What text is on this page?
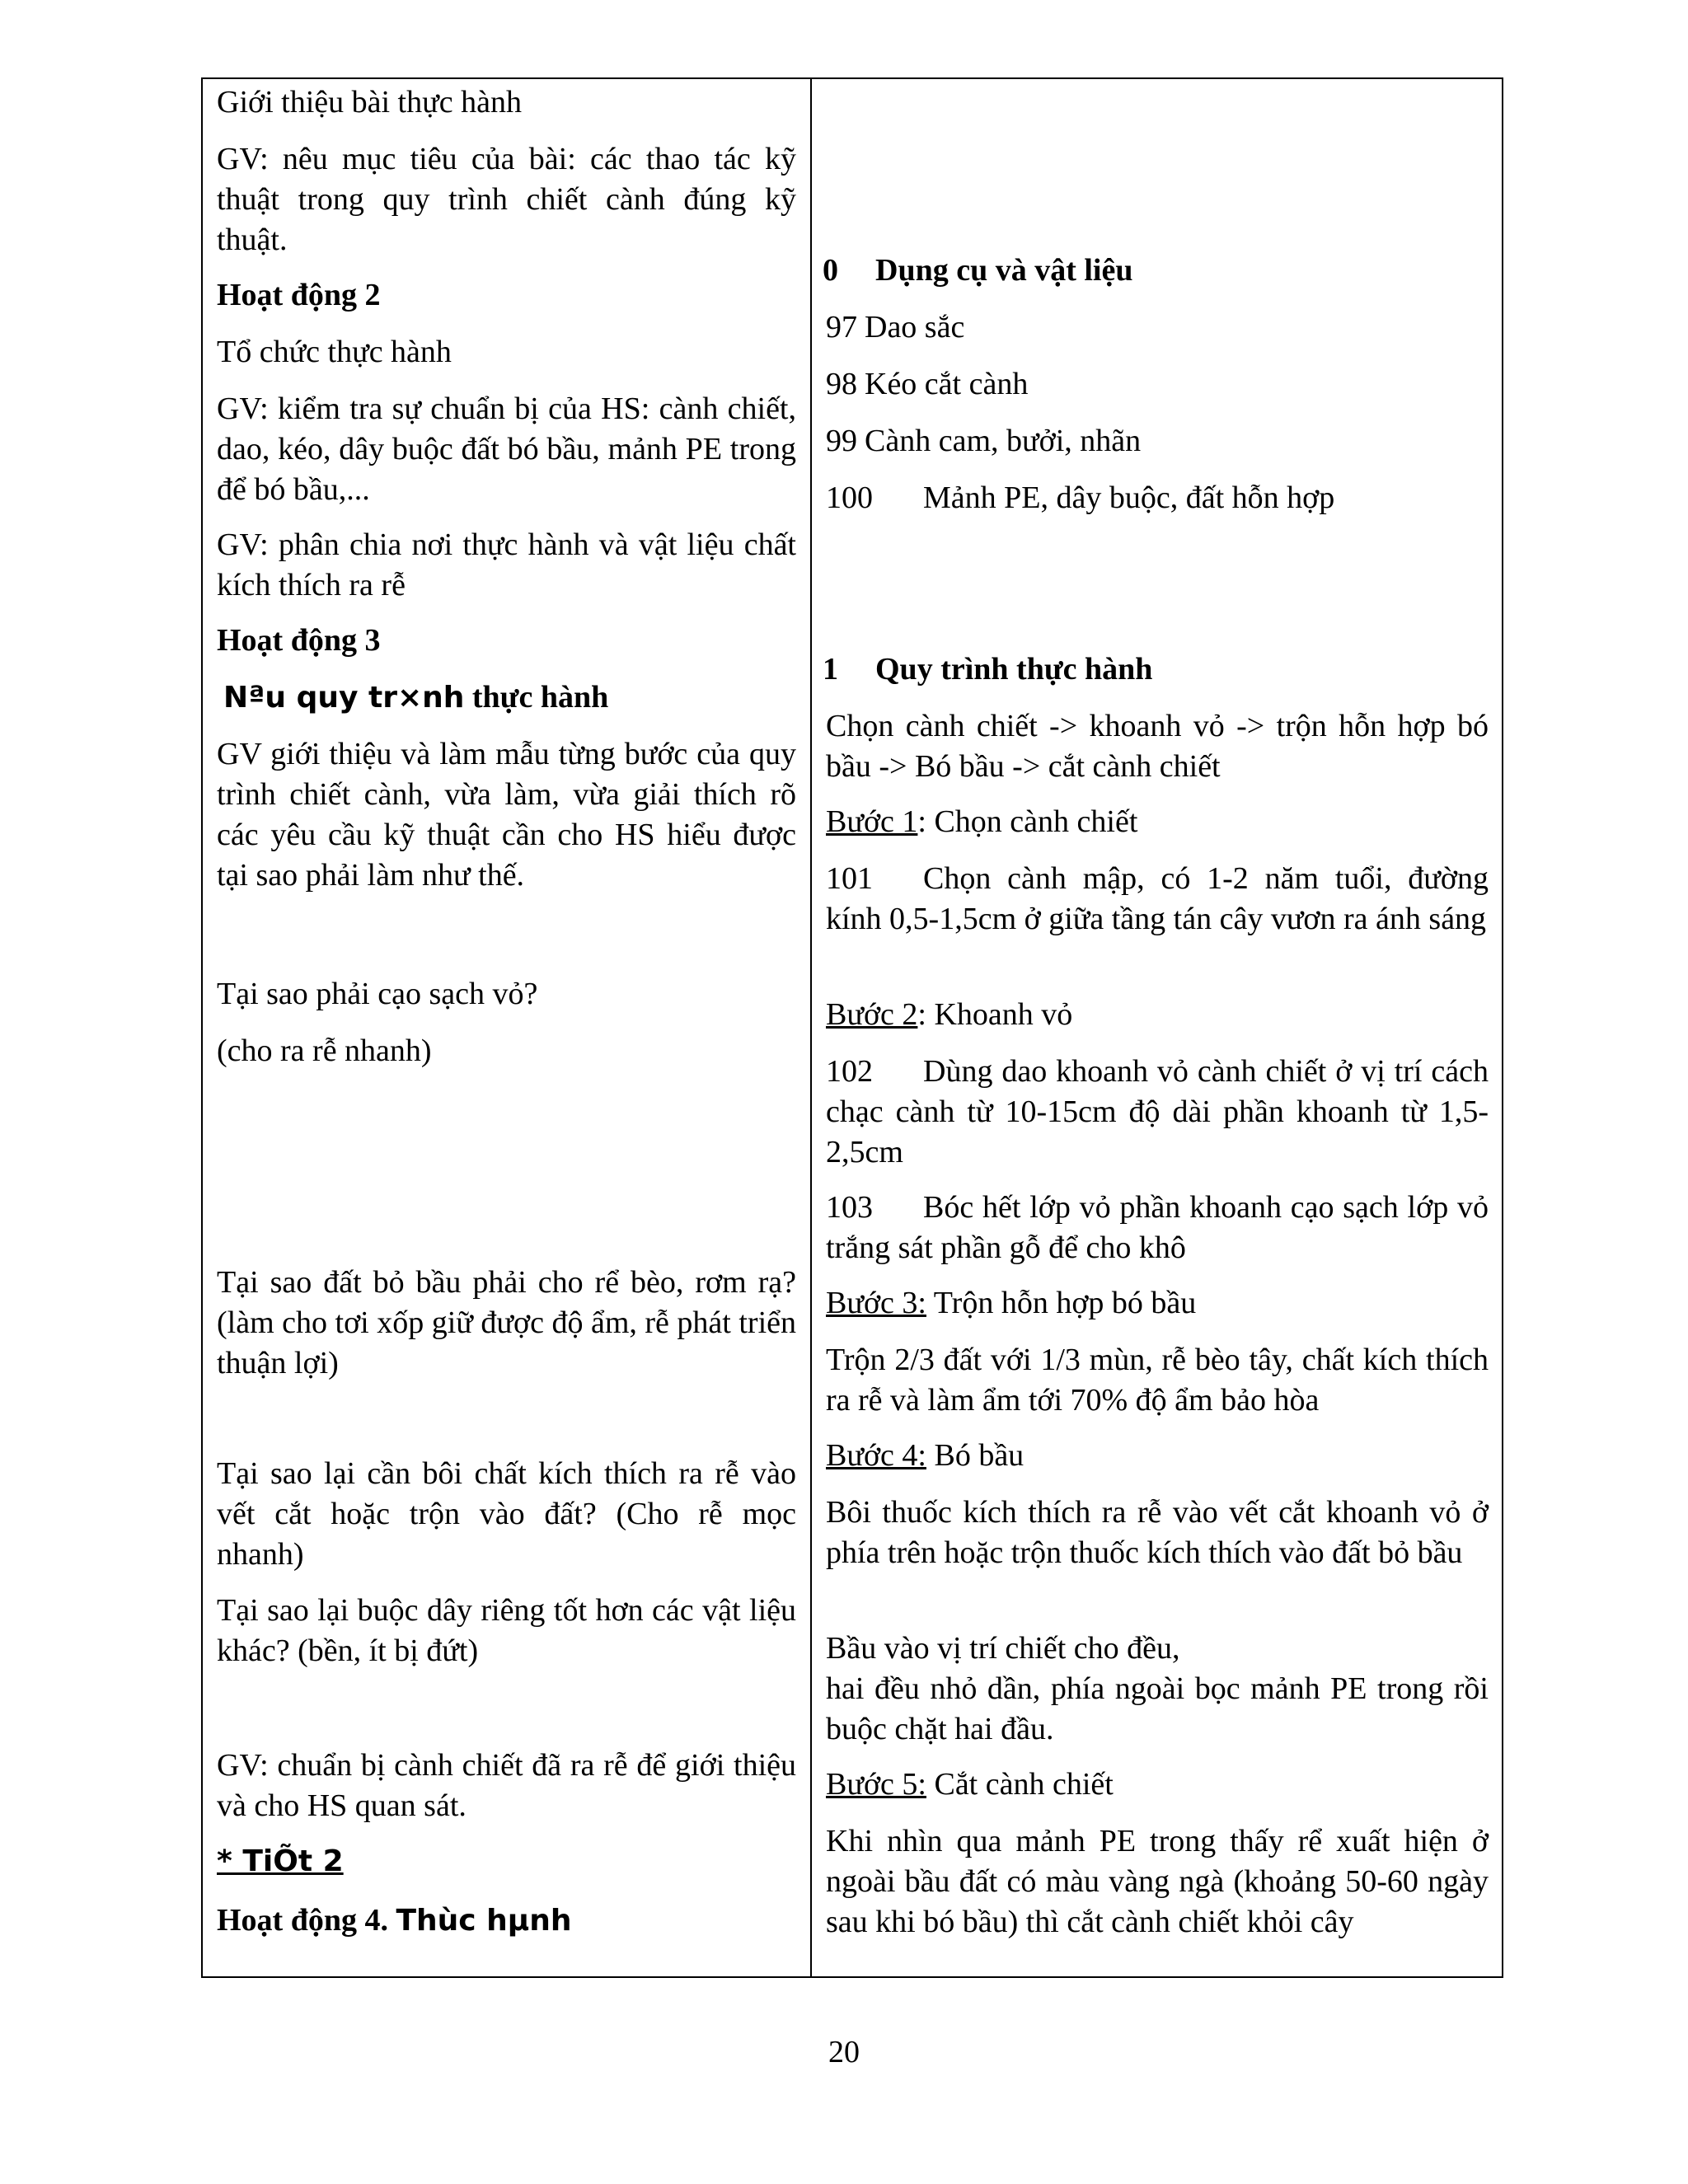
Giới thiệu bài thực hành

GV: nêu mục tiêu của bài: các thao tác kỹ thuật trong quy trình chiết cành đúng kỹ thuật.

Hoạt động 2

Tổ chức thực hành

GV: kiểm tra sự chuẩn bị của HS: cành chiết, dao, kéo, dây buộc đất bó bầu, mảnh PE trong để bó bầu,...

GV: phân chia nơi thực hành và vật liệu chất kích thích ra rễ

Hoạt động 3

Nªu quy tr×nh thực hành

GV giới thiệu và làm mẫu từng bước của quy trình chiết cành, vừa làm, vừa giải thích rõ các yêu cầu kỹ thuật cần cho HS hiểu được tại sao phải làm như thế.

Tại sao phải cạo sạch vỏ?

(cho ra rễ nhanh)

Tại sao đất bỏ bầu phải cho rể bèo, rơm rạ? (làm cho tơi xốp giữ được độ ẩm, rễ phát triển thuận lợi)

Tại sao lại cần bôi chất kích thích ra rễ vào vết cắt hoặc trộn vào đất? (Cho rễ mọc nhanh)

Tại sao lại buộc dây riêng tốt hơn các vật liệu khác? (bền, ít bị đứt)

GV: chuẩn bị cành chiết đã ra rễ để giới thiệu và cho HS quan sát.

* TiÕt 2

Hoạt động 4. Thùc hµnh

0 Dụng cụ và vật liệu

97 Dao sắc

98 Kéo cắt cành

99 Cành cam, bưởi, nhãn

100 Mảnh PE, dây buộc, đất hỗn hợp

1 Quy trình thực hành

Chọn cành chiết -> khoanh vỏ -> trộn hỗn hợp bó bầu -> Bó bầu -> cắt cành chiết

Bước 1: Chọn cành chiết

101 Chọn cành mập, có 1-2 năm tuổi, đường kính 0,5-1,5cm ở giữa tầng tán cây vươn ra ánh sáng

Bước 2: Khoanh vỏ

102 Dùng dao khoanh vỏ cành chiết ở vị trí cách chạc cành từ 10-15cm độ dài phần khoanh từ 1,5-2,5cm

103 Bóc hết lớp vỏ phần khoanh cạo sạch lớp vỏ trắng sát phần gỗ để cho khô

Bước 3: Trộn hỗn hợp bó bầu

Trộn 2/3 đất với 1/3 mùn, rễ bèo tây, chất kích thích ra rễ và làm ẩm tới 70% độ ẩm bảo hòa

Bước 4: Bó bầu

Bôi thuốc kích thích ra rễ vào vết cắt khoanh vỏ ở phía trên hoặc trộn thuốc kích thích vào đất bỏ bầu

Bầu vào vị trí chiết cho đều,

hai đều nhỏ dần, phía ngoài bọc mảnh PE trong rồi buộc chặt hai đầu.

Bước 5: Cắt cành chiết

Khi nhìn qua mảnh PE trong thấy rể xuất hiện ở ngoài bầu đất có màu vàng ngà (khoảng 50-60 ngày sau khi bó bầu) thì cắt cành chiết khỏi cây

20
